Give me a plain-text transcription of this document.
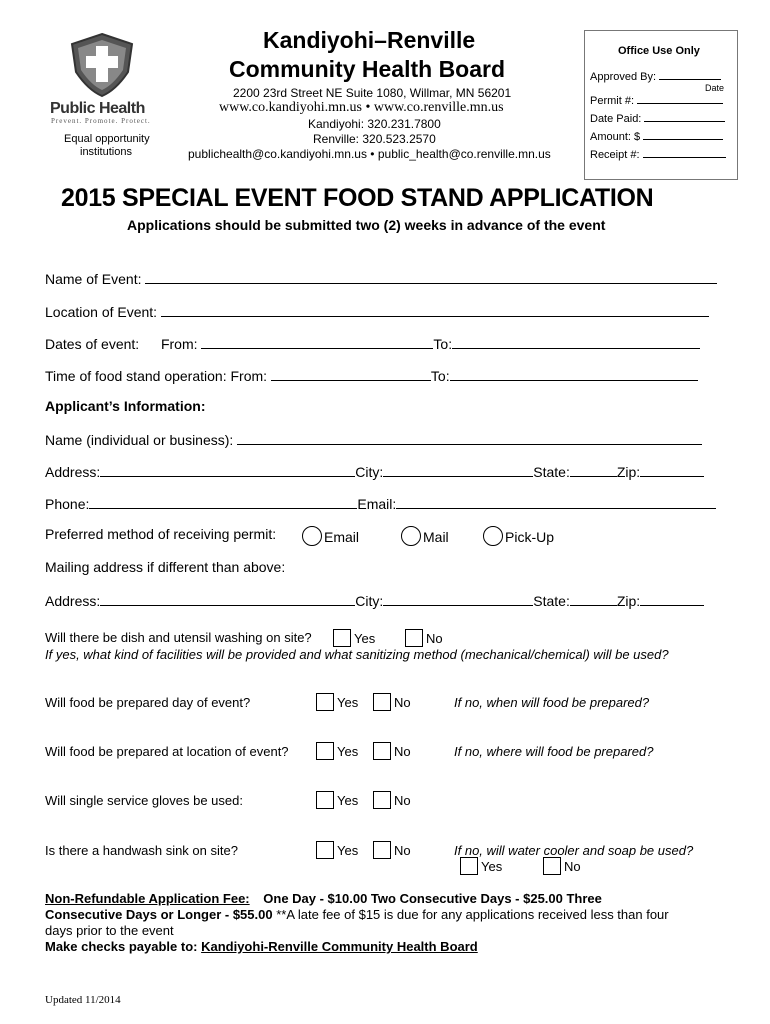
Public Health
Prevent. Promote. Protect.
Equal opportunity
institutions
Kandiyohi–Renville
Community Health Board
2200 23rd Street NE Suite 1080, Willmar, MN 56201
www.co.kandiyohi.mn.us • www.co.renville.mn.us
Kandiyohi: 320.231.7800
Renville: 320.523.2570
publichealth@co.kandiyohi.mn.us • public_health@co.renville.mn.us
Office Use Only
Approved By:
Date
Permit #:
Date Paid:
Amount: $
Receipt #:
2015 SPECIAL EVENT FOOD STAND APPLICATION
Applications should be submitted two (2) weeks in advance of the event
Name of Event:
Location of Event:
Dates of event: From:	To:
Time of food stand operation: From:	To:
Applicant’s Information:
Name (individual or business):
Address:	City:	State:	Zip:
Phone:	Email:
Preferred method of receiving permit:	Email	Mail	Pick-Up
Mailing address if different than above:
Address:	City:	State:	Zip:
Will there be dish and utensil washing on site?	Yes	No
If yes, what kind of facilities will be provided and what sanitizing method (mechanical/chemical) will be used?
Will food be prepared day of event?	Yes	No	If no, when will food be prepared?
Will food be prepared at location of event?	Yes	No	If no, where will food be prepared?
Will single service gloves be used:	Yes	No
Is there a handwash sink on site?	Yes	No	If no, will water cooler and soap be used?
Yes	No
Non-Refundable Application Fee: One Day - $10.00 Two Consecutive Days - $25.00 Three
Consecutive Days or Longer - $55.00 **A late fee of $15 is due for any applications received less than four
days prior to the event
Make checks payable to: Kandiyohi-Renville Community Health Board
Updated 11/2014
